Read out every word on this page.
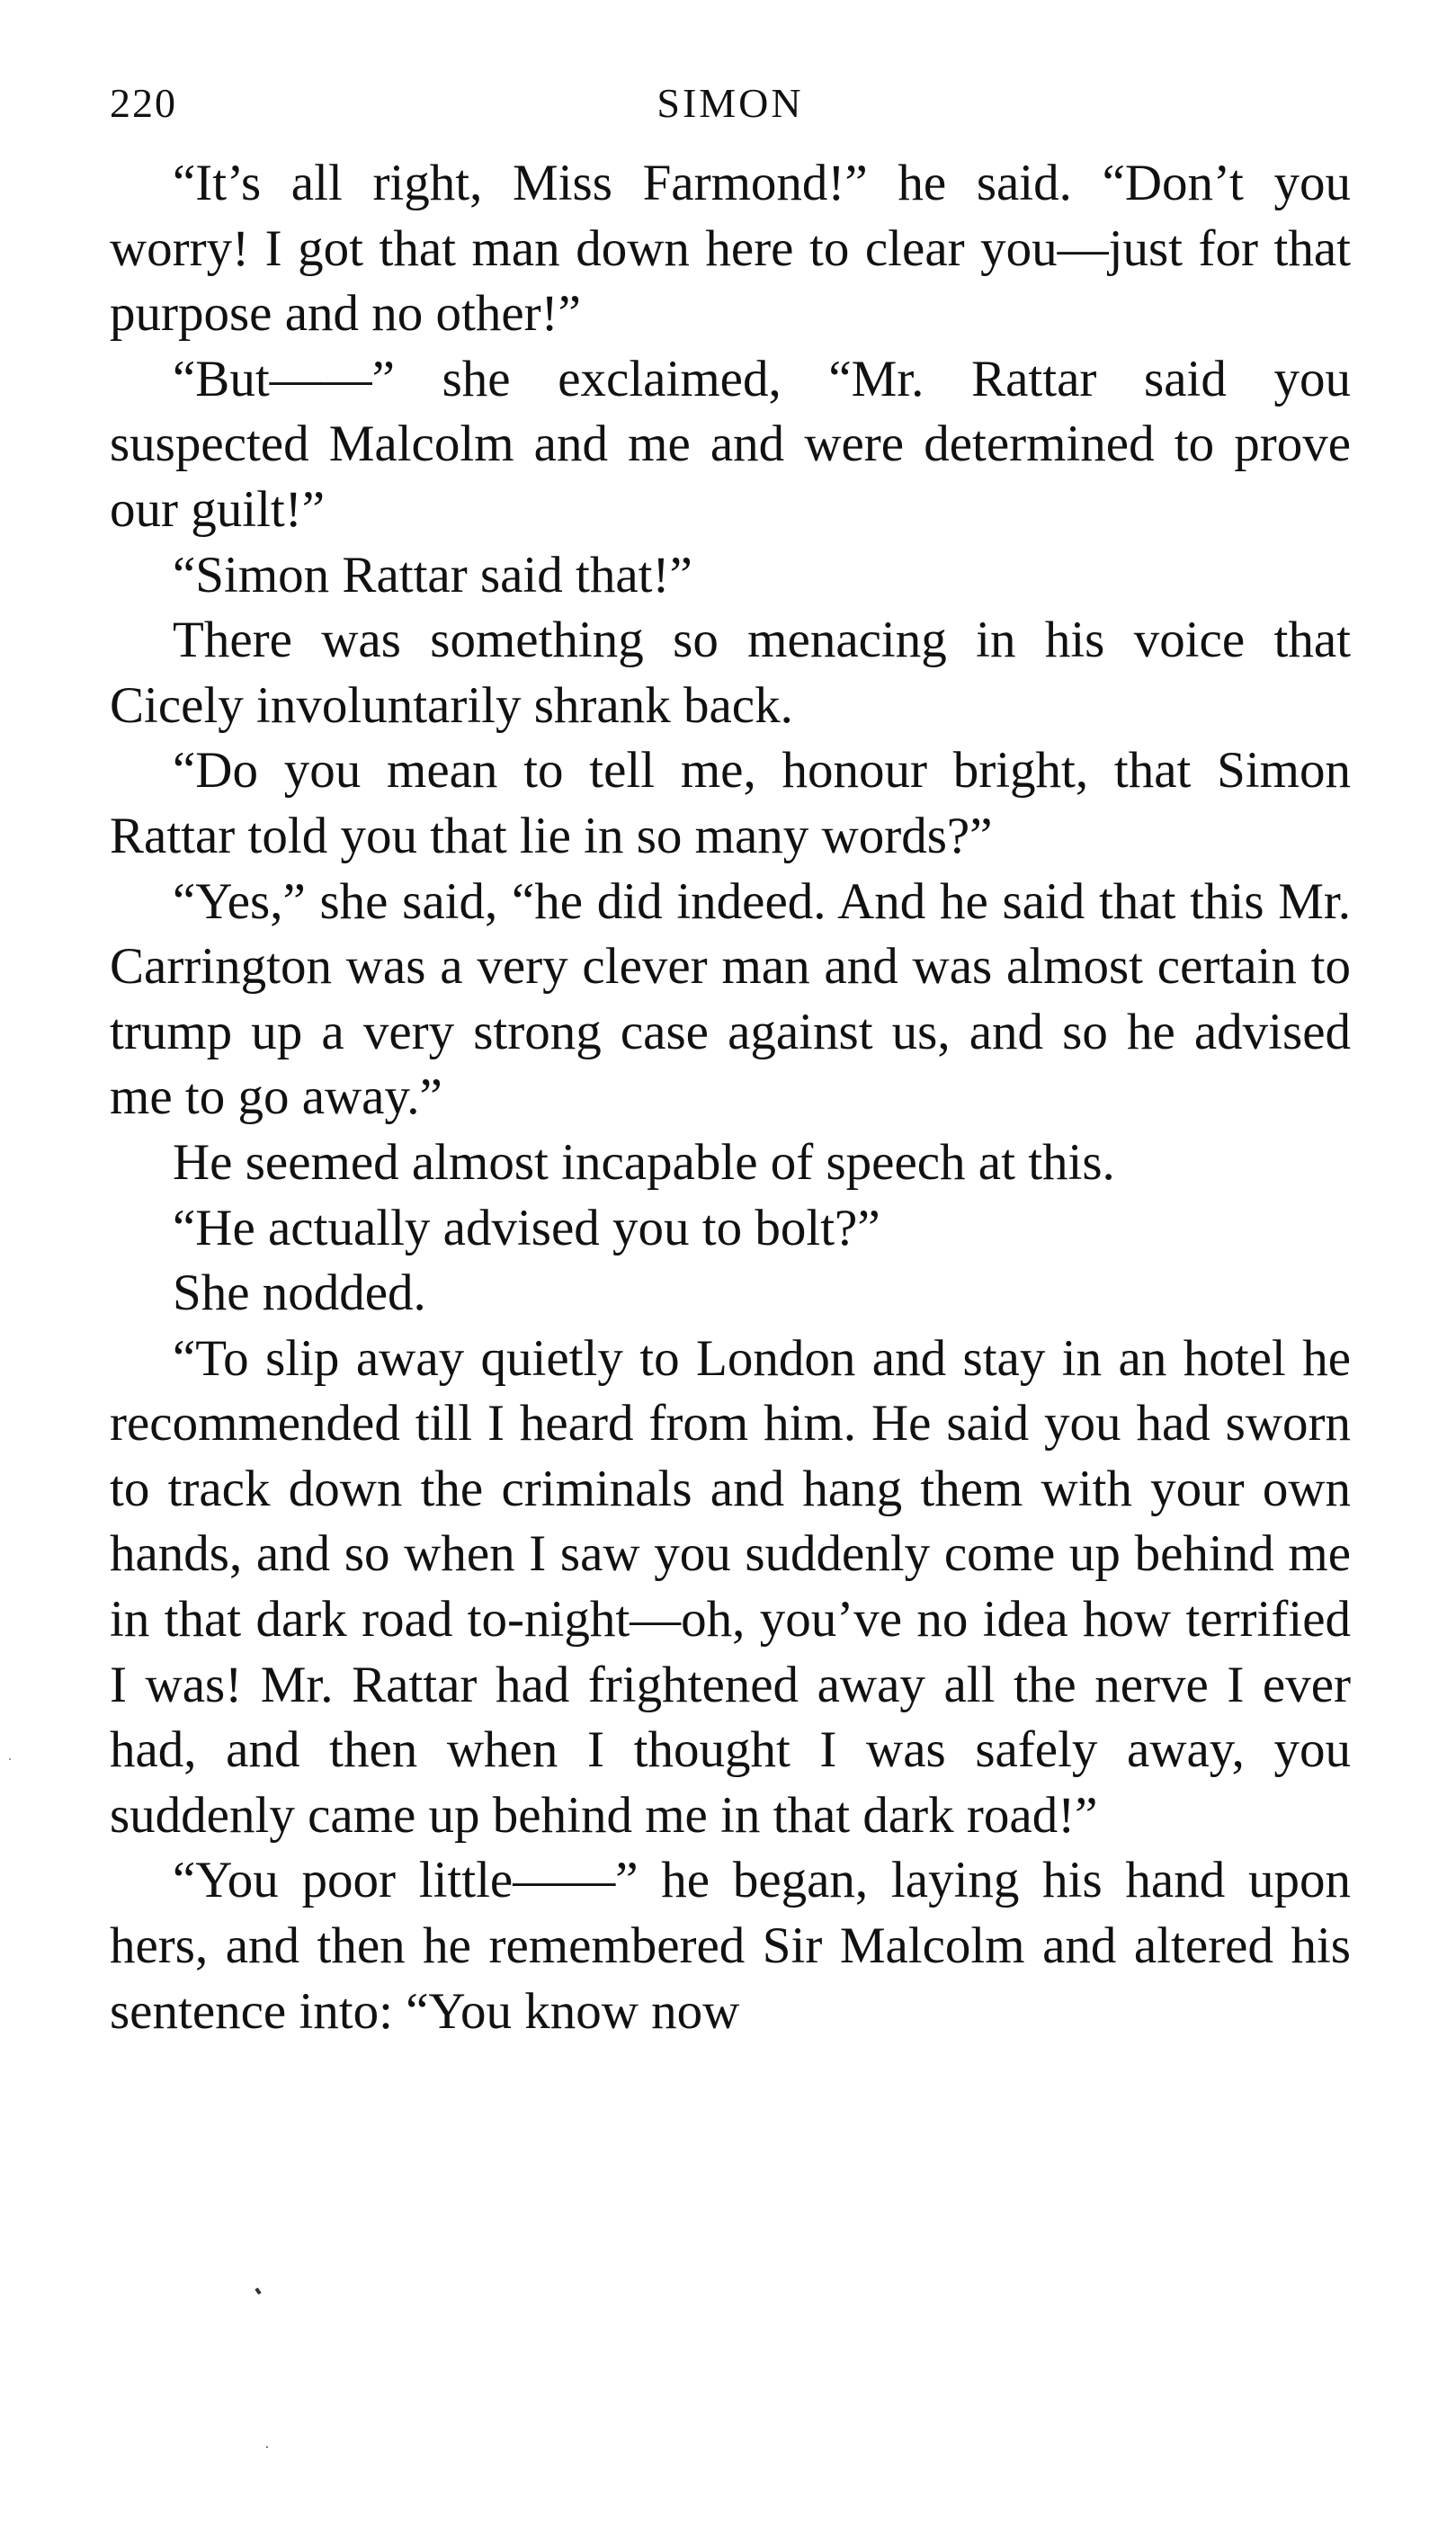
220	SIMON

“It’s all right, Miss Farmond!” he said. “Don’t you worry! I got that man down here to clear you—just for that purpose and no other!”

“But——” she exclaimed, “Mr. Rattar said you suspected Malcolm and me and were determined to prove our guilt!”

“Simon Rattar said that!”

There was something so menacing in his voice that Cicely involuntarily shrank back.

“Do you mean to tell me, honour bright, that Simon Rattar told you that lie in so many words?”

“Yes,” she said, “he did indeed. And he said that this Mr. Carrington was a very clever man and was almost certain to trump up a very strong case against us, and so he advised me to go away.”

He seemed almost incapable of speech at this.

“He actually advised you to bolt?”

She nodded.

“To slip away quietly to London and stay in an hotel he recommended till I heard from him. He said you had sworn to track down the criminals and hang them with your own hands, and so when I saw you suddenly come up behind me in that dark road to-night—oh, you’ve no idea how terrified I was! Mr. Rattar had frightened away all the nerve I ever had, and then when I thought I was safely away, you suddenly came up behind me in that dark road!”

“You poor little——” he began, laying his hand upon hers, and then he remembered Sir Malcolm and altered his sentence into: “You know now
